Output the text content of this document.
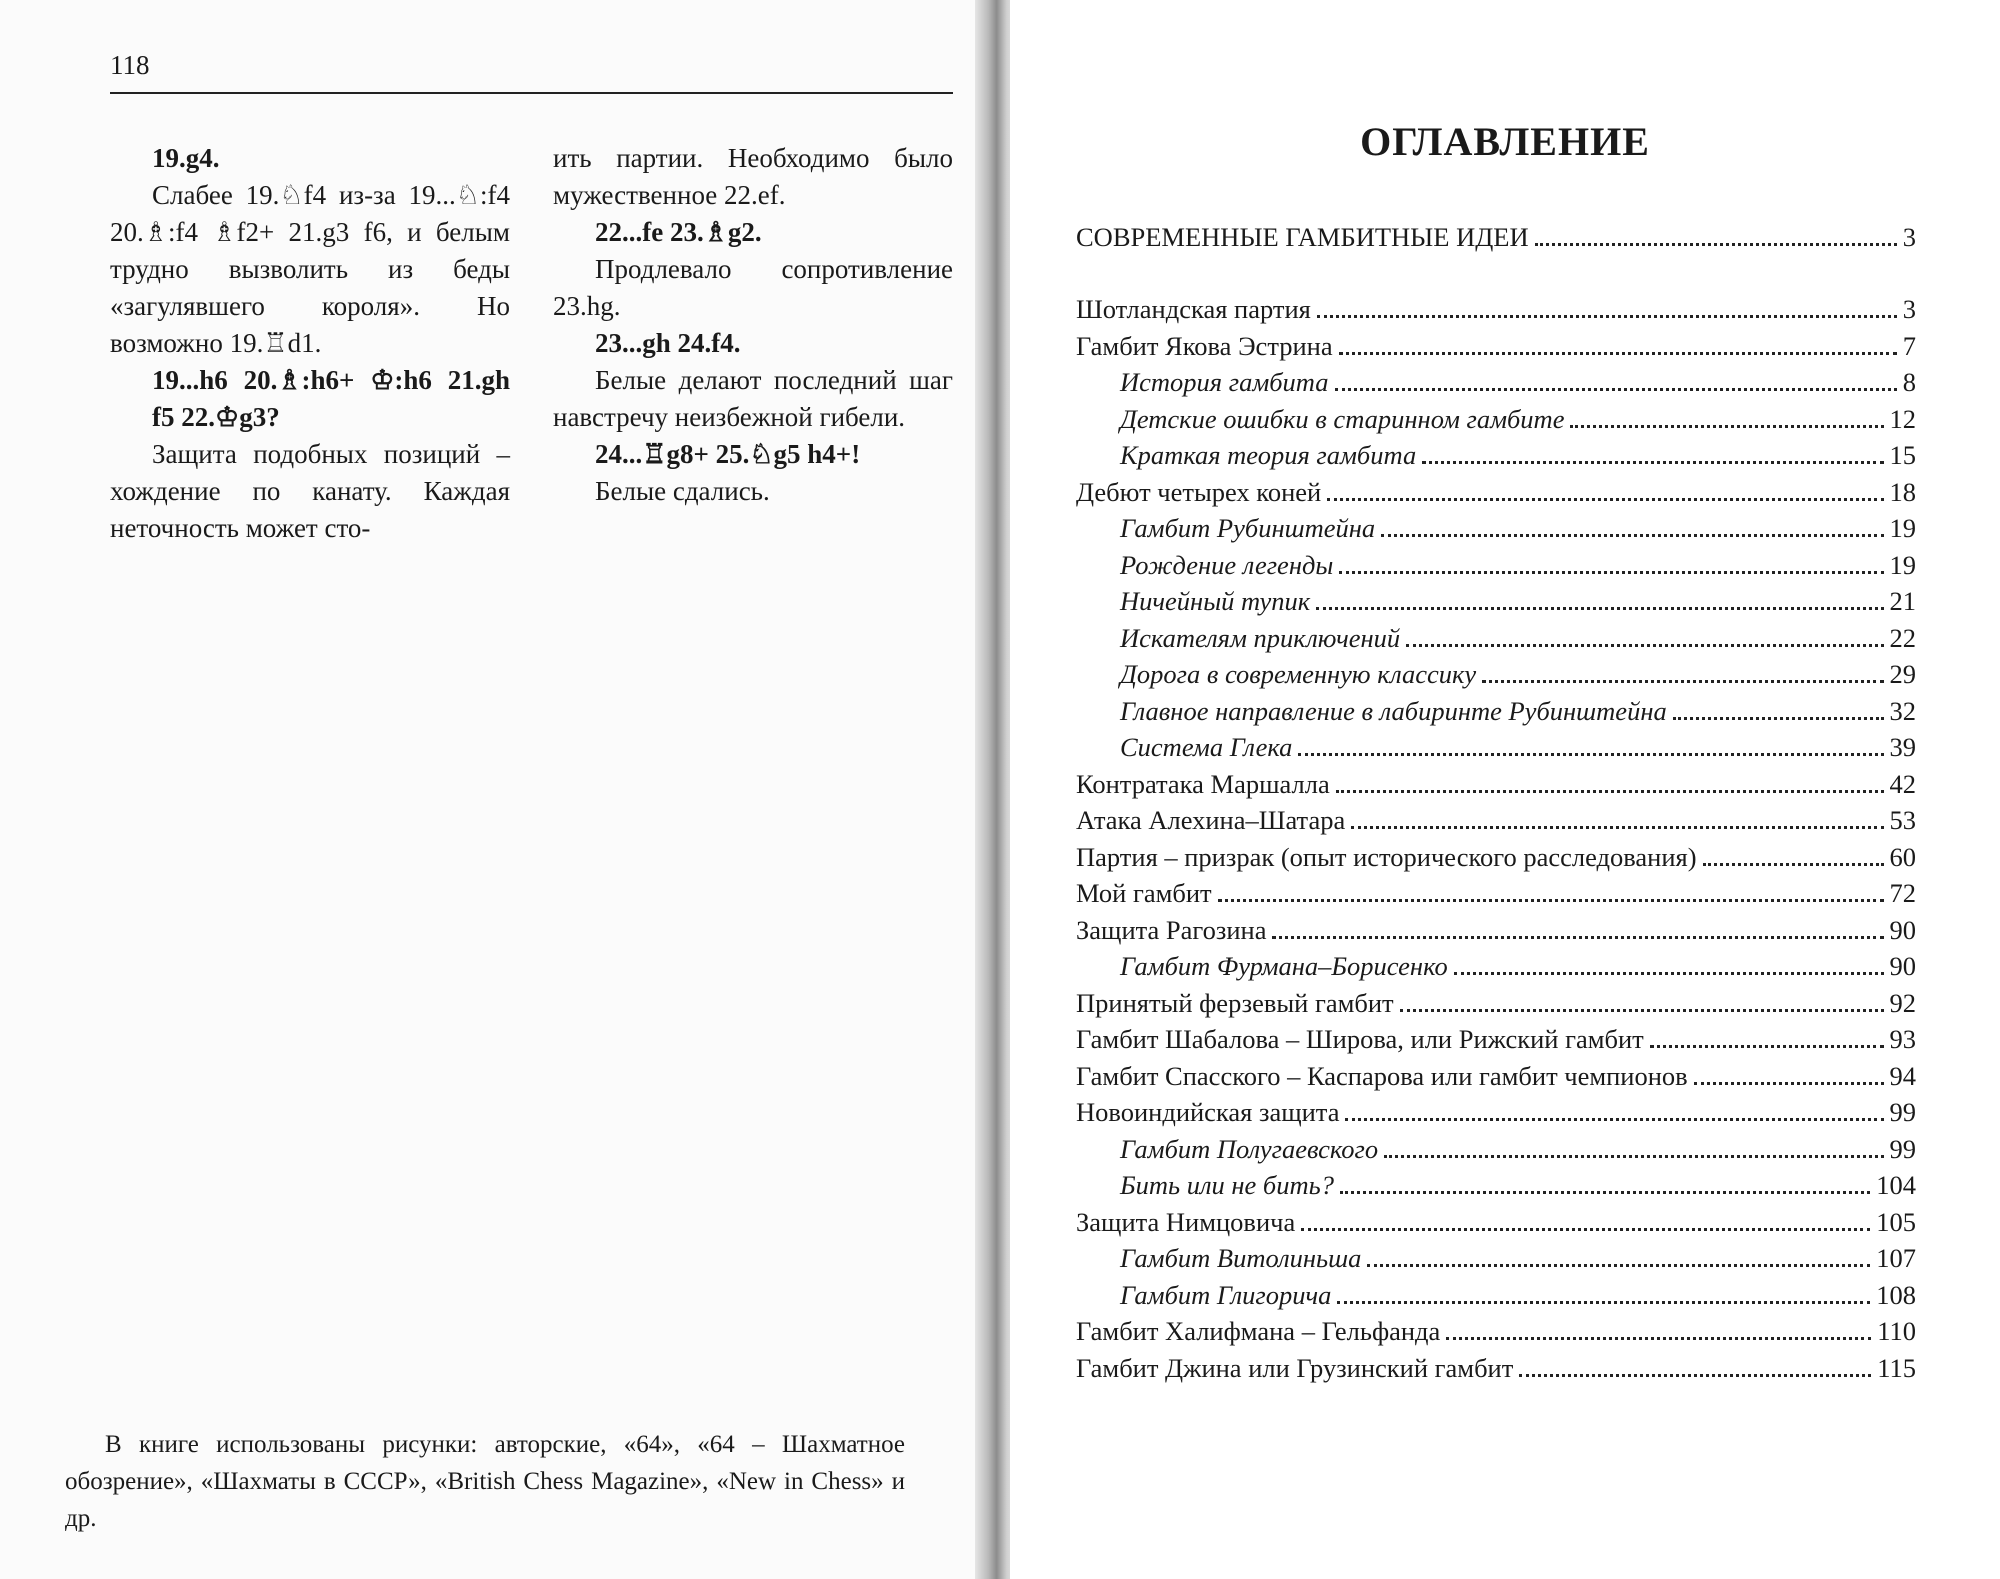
118

19.g4.

Слабее 19.♘f4 из-за 19...♘:f4 20.♗:f4 ♗f2+ 21.g3 f6, и белым трудно вызволить из беды «загулявшего короля». Но возможно 19.♖d1.

19...h6 20.♗:h6+ ♔:h6 21.gh f5 22.♔g3?

Защита подобных позиций – хождение по канату. Каждая неточность может сто-

ить партии. Необходимо было мужественное 22.ef.

22...fe 23.♗g2.

Продлевало сопротивление 23.hg.

23...gh 24.f4.

Белые делают последний шаг навстречу неизбежной гибели.

24...♖g8+ 25.♘g5 h4+!

Белые сдались.

В книге использованы рисунки: авторские, «64», «64 – Шахматное обозрение», «Шахматы в СССР», «British Chess Magazine», «New in Chess» и др.
ОГЛАВЛЕНИЕ
СОВРЕМЕННЫЕ ГАМБИТНЫЕ ИДЕИ	3
Шотландская партия	3
Гамбит Якова Эстрина	7
История гамбита	8
Детские ошибки в старинном гамбите	12
Краткая теория гамбита	15
Дебют четырех коней	18
Гамбит Рубинштейна	19
Рождение легенды	19
Ничейный тупик	21
Искателям приключений	22
Дорога в современную классику	29
Главное направление в лабиринте Рубинштейна	32
Система Глека	39
Контратака Маршалла	42
Атака Алехина–Шатара	53
Партия – призрак (опыт исторического расследования)	60
Мой гамбит	72
Защита Рагозина	90
Гамбит Фурмана–Борисенко	90
Принятый ферзевый гамбит	92
Гамбит Шабалова – Широва, или Рижский гамбит	93
Гамбит Спасского – Каспарова или гамбит чемпионов	94
Новоиндийская защита	99
Гамбит Полугаевского	99
Бить или не бить?	104
Защита Нимцовича	105
Гамбит Витолиньша	107
Гамбит Глигорича	108
Гамбит Халифмана – Гельфанда	110
Гамбит Джина или Грузинский гамбит	115
